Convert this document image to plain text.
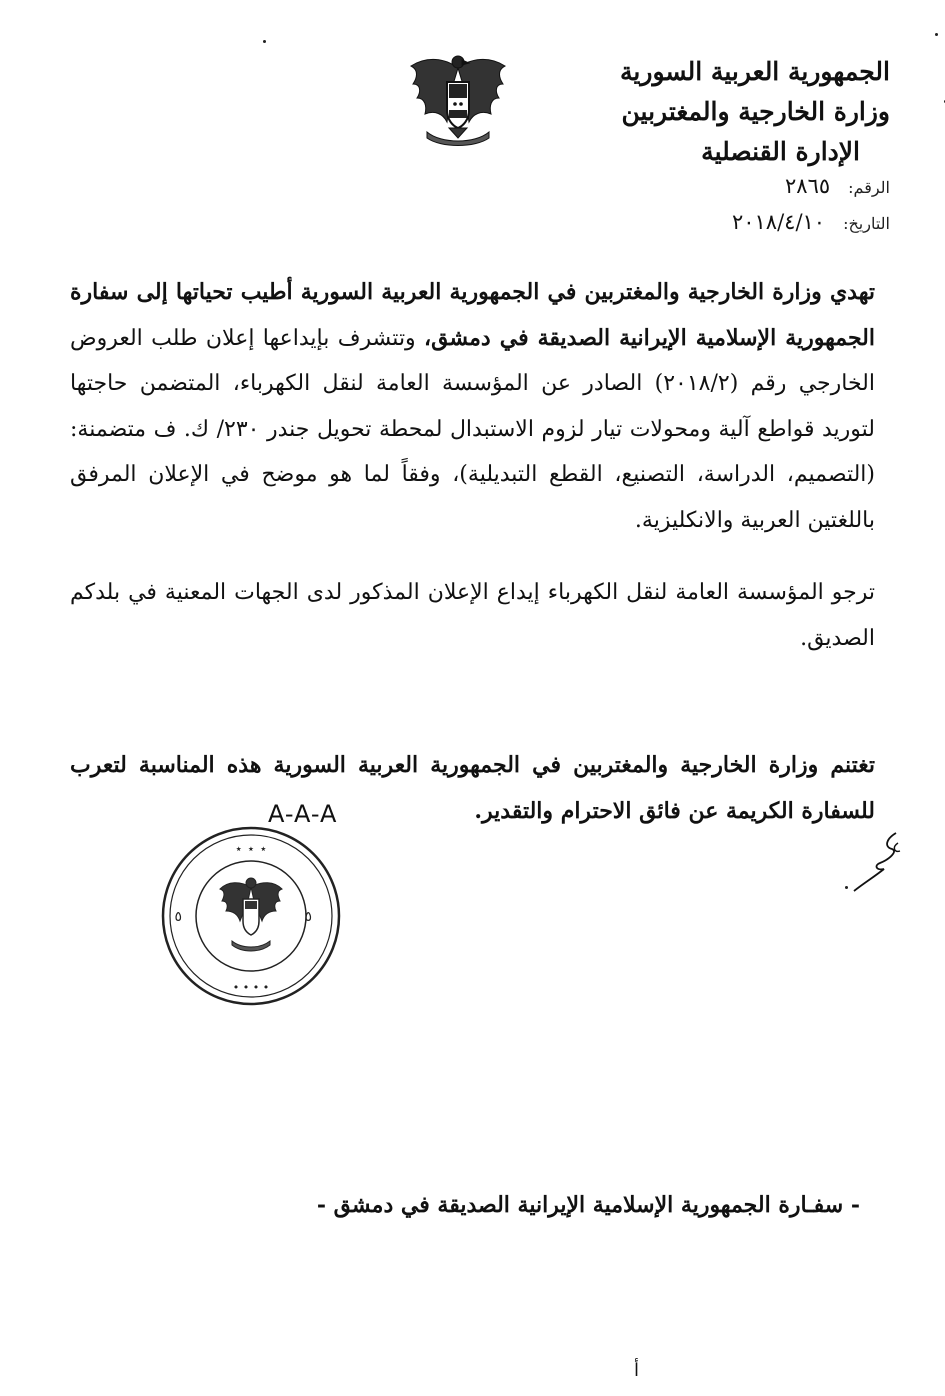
الجمهورية العربية السورية
وزارة الخارجية والمغتربين
الإدارة القنصلية
الرقم:
٢٨٦٥
التاريخ:
٢٠١٨/٤/١٠
تهدي وزارة الخارجية والمغتربين في الجمهورية العربية السورية أطيب تحياتها إلى سفارة الجمهورية الإسلامية الإيرانية الصديقة في دمشق، وتتشرف بإيداعها إعلان طلب العروض الخارجي رقم (٢٠١٨/٢) الصادر عن المؤسسة العامة لنقل الكهرباء، المتضمن حاجتها لتوريد قواطع آلية ومحولات تيار لزوم الاستبدال لمحطة تحويل جندر ٢٣٠/ ك. ف متضمنة: (التصميم، الدراسة، التصنيع، القطع التبديلية)، وفقاً لما هو موضح في الإعلان المرفق باللغتين العربية والانكليزية.
ترجو المؤسسة العامة لنقل الكهرباء إيداع الإعلان المذكور لدى الجهات المعنية في بلدكم الصديق.
تغتنم وزارة الخارجية والمغتربين في الجمهورية العربية السورية هذه المناسبة لتعرب للسفارة الكريمة عن فائق الاحترام والتقدير.
A-A-A
⋆ ⋆ ⋆
٥	٥
• • • •
- سفـارة الجمهورية الإسلامية الإيرانية الصديقة في دمشق -
أ
